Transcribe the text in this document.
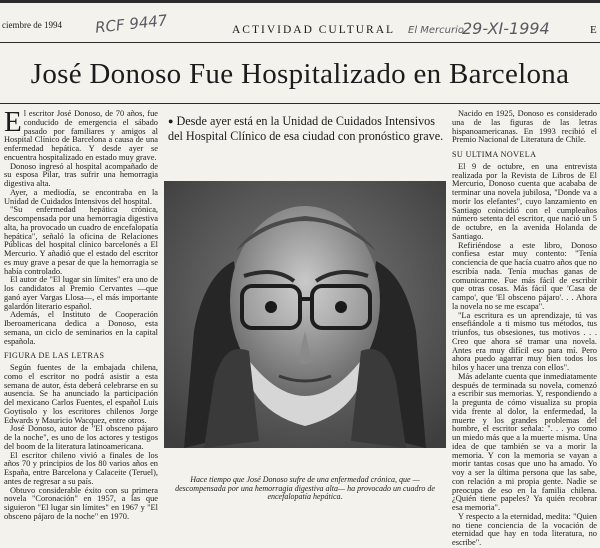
ciembre de 1994 RCF 9447	ACTIVIDAD CULTURAL El Mercurio
29-XI-1994	E
José Donoso Fue Hospitalizado en Barcelona

El escritor José Donoso, de 70 años, fue conducido de emergencia el sábado pasado por familiares y amigos al Hospital Clínico de Barcelona a causa de una enfermedad hepática. Y desde ayer se encuentra hospitalizado en estado muy grave.

Donoso ingresó al hospital acompañado de su esposa Pilar, tras sufrir una hemorragia digestiva alta.

Ayer, a mediodía, se encontraba en la Unidad de Cuidados Intensivos del hospital.

"Su enfermedad hepática crónica, descompensada por una hemorragia digestiva alta, ha provocado un cuadro de encefalopatía hepática", señaló la oficina de Relaciones Públicas del hospital clínico barcelonés a El Mercurio. Y añadió que el estado del escritor es muy grave a pesar de que la hemorragia se había controlado.

El autor de "El lugar sin límites" era uno de los candidatos al Premio Cervantes —que ganó ayer Vargas Llosa—, el más importante galardón literario español.

Además, el Instituto de Cooperación Iberoamericana dedica a Donoso, esta semana, un ciclo de seminarios en la capital española.

FIGURA DE LAS LETRAS

Según fuentes de la embajada chilena, como el escritor no podrá asistir a esta semana de autor, ésta deberá celebrarse en su ausencia. Se ha anunciado la participación del mexicano Carlos Fuentes, el español Luis Goytisolo y los escritores chilenos Jorge Edwards y Mauricio Wacquez, entre otros.

José Donoso, autor de "El obsceno pájaro de la noche", es uno de los actores y testigos del boom de la literatura latinoamericana.

El escritor chileno vivió a finales de los años 70 y principios de los 80 varios años en España, entre Barcelona y Calaceite (Teruel), antes de regresar a su país.

Obtuvo considerable éxito con su primera novela "Coronación" en 1957, a las que siguieron "El lugar sin límites" en 1967 y "El obsceno pájaro de la noche" en 1970.

● Desde ayer está en la Unidad de Cuidados Intensivos del Hospital Clínico de esa ciudad con pronóstico grave.

Hace tiempo que José Donoso sufre de una enfermedad crónica, que — descompensada por una hemorragia digestiva alta— ha provocado un cuadro de encefalopatía hepática.

Nacido en 1925, Donoso es considerado una de las figuras de las letras hispanoamericanas. En 1993 recibió el Premio Nacional de Literatura de Chile.

SU ULTIMA NOVELA

El 9 de octubre, en una entrevista realizada por la Revista de Libros de El Mercurio, Donoso cuenta que acababa de terminar una novela jubilosa, "Donde va a morir los elefantes", cuyo lanzamiento en Santiago coincidió con el cumpleaños número setenta del escritor, que nació un 5 de octubre, en la avenida Holanda de Santiago.

Refiriéndose a este libro, Donoso confiesa estar muy contento: "Tenía conciencia de que hacía cuatro años que no escribía nada. Tenía muchas ganas de comunicarme. Fue más fácil de escribir que otras cosas. Más fácil que 'Casa de campo', que 'El obsceno pájaro'. . . Ahora la novela no se me escapa".

"La escritura es un aprendizaje, tú vas ensefiándole a ti mismo tus métodos, tus triunfos, tus obsesiones, tus motivos . . . Creo que ahora sé tramar una novela. Antes era muy difícil eso para mí. Pero ahora puedo agarrar muy bien todos los hilos y hacer una trenza con ellos".

Más adelante cuenta que inmediatamente después de terminada su novela, comenzó a escribir sus memorias. Y, respondiendo a la pregunta de cómo visualiza su propia vida frente al dolor, la enfermedad, la muerte y los grandes problemas del hombre, el escritor señala: ". . . yo como un miedo más que a la muerte misma. Una idea de que también se va a morir la memoria. Y con la memoria se vayan a morir tantas cosas que uno ha amado. Yo voy a ser la última persona que las sabe, con relación a mi propia gente. Nadie se preocupa de eso en la familia chilena. ¿Quién tiene papeles? Ya quién recobrar esa memoria".

Y respecto a la eternidad, medita: "Quien no tiene conciencia de la vocación de eternidad que hay en toda literatura, no escribe".
